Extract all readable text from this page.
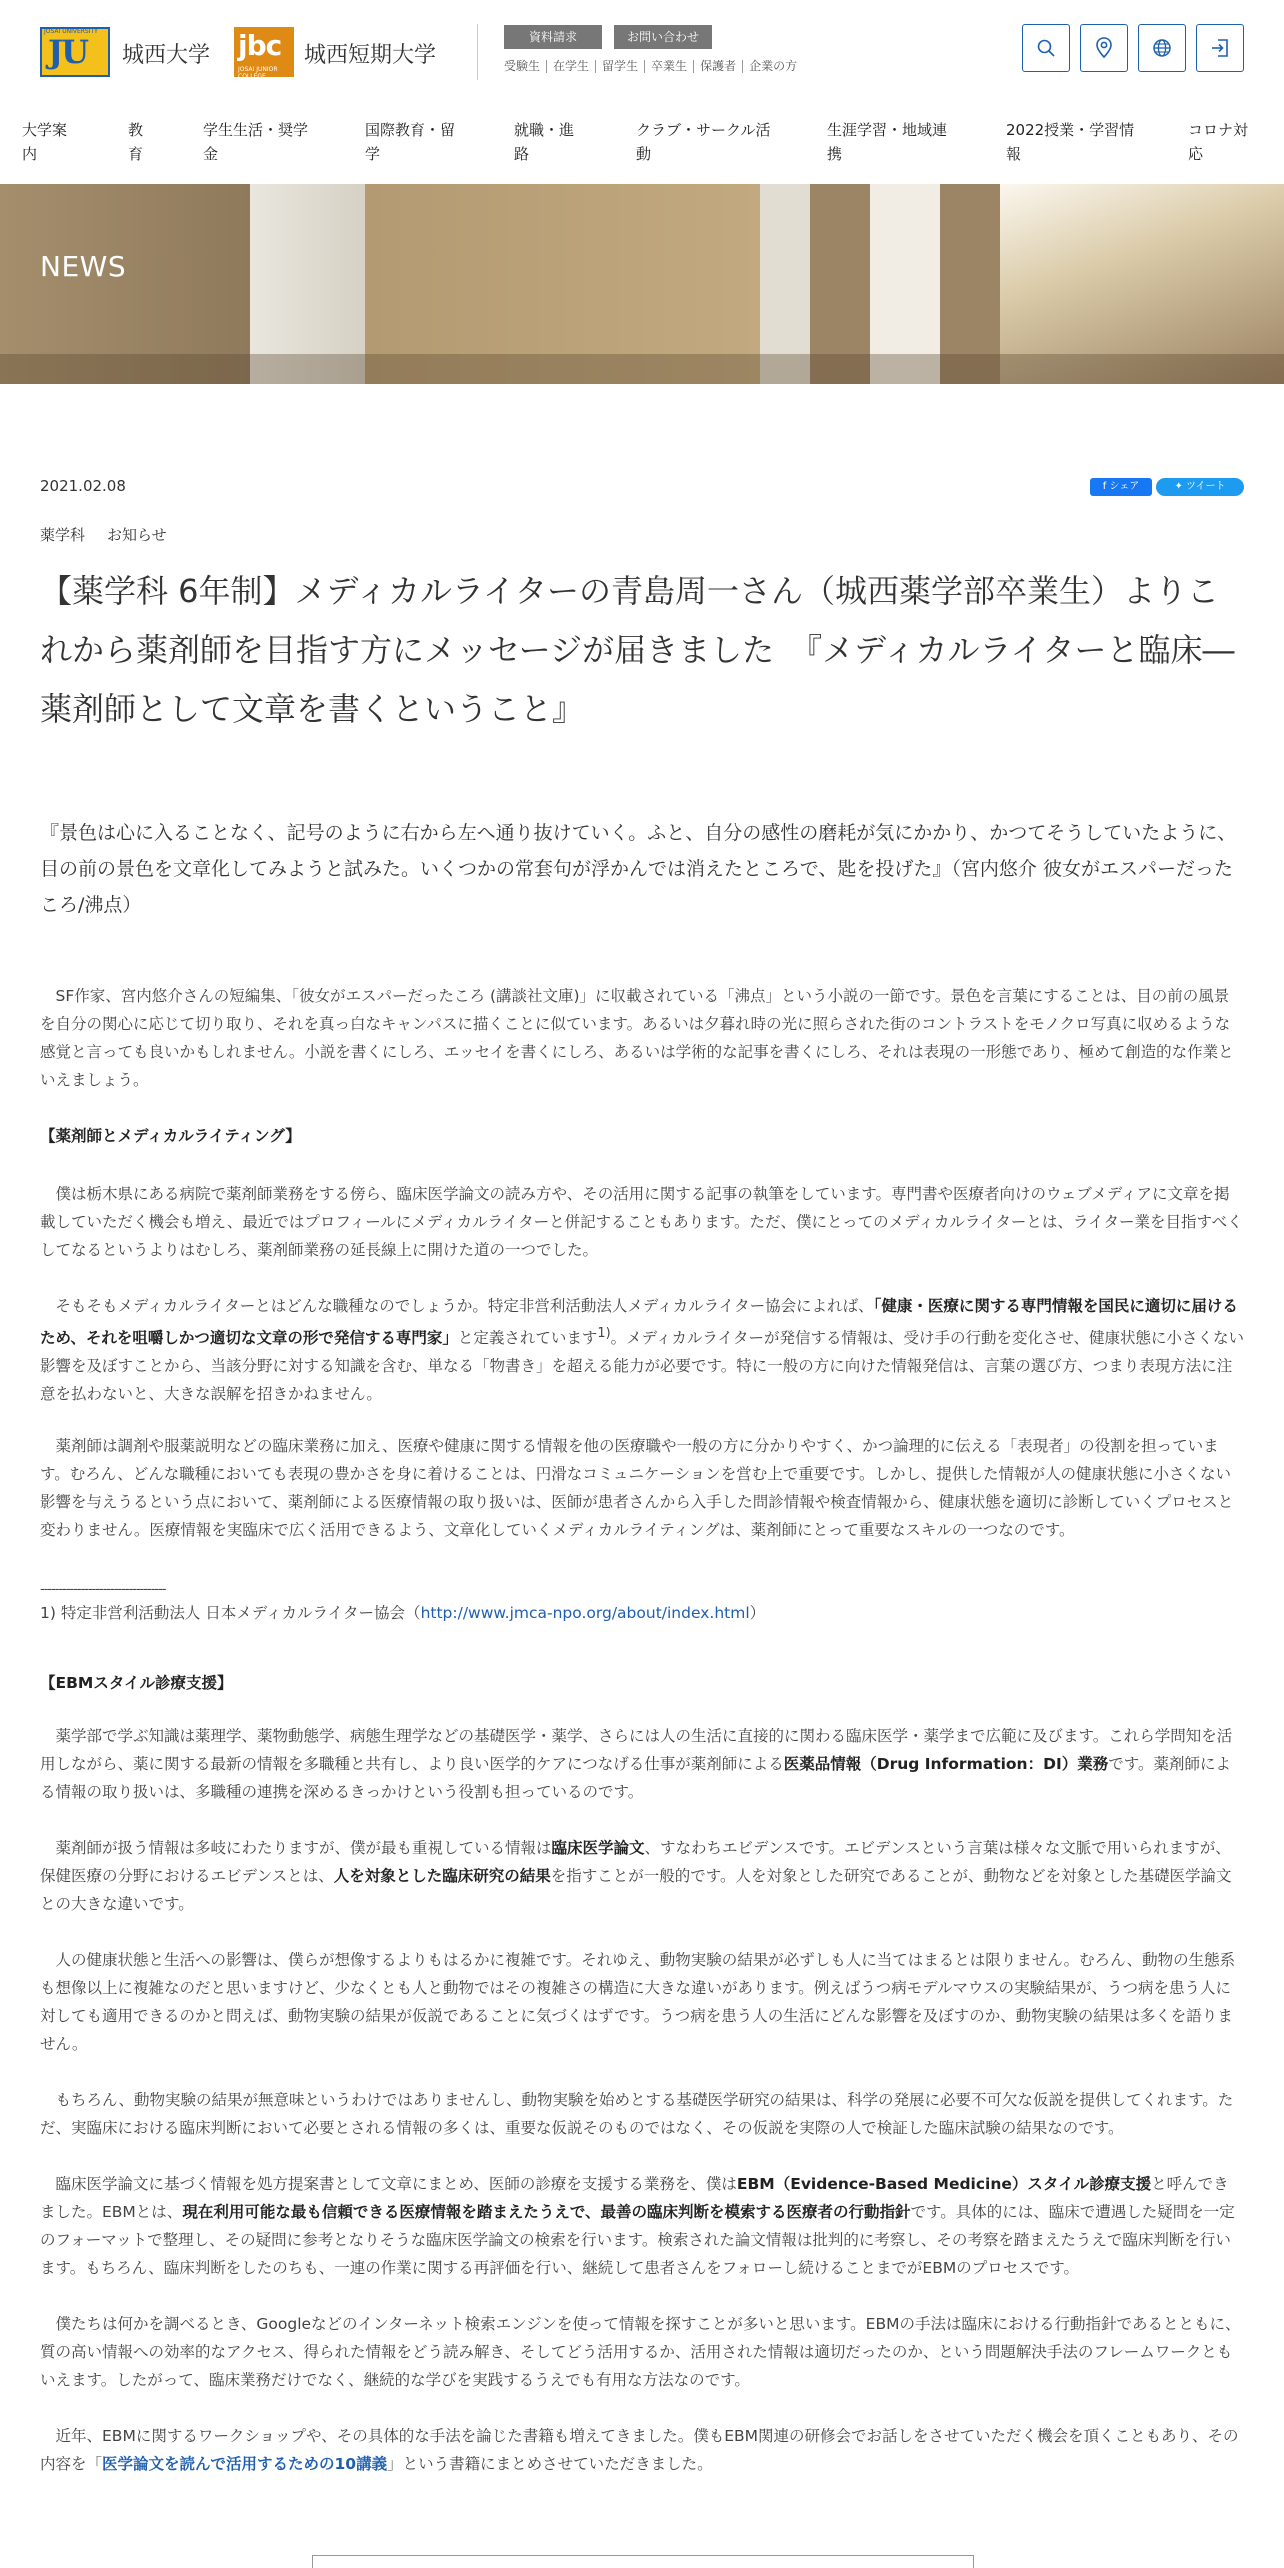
JOSAI UNIVERSITY
JU 城西大学 jbc
JOSAI JUNIOR COLLEGE
城西短期大学
資料請求	お問い合わせ
受験生	在学生	留学生	卒業生	保護者	企業の方
大学案
内
教
育
学生生活・奨学
金
国際教育・留
学
就職・進
路
クラブ・サークル活
動
生涯学習・地域連
携
2022授業・学習情
報
コロナ対
応
NEWS
2021.02.08	f シェア	✦ ツイート
薬学科 お知らせ
【薬学科 6年制】メディカルライターの青島周一さん（城西薬学部卒業生）よりこれから薬剤師を目指す方にメッセージが届きました　『メディカルライターと臨床―薬剤師として文章を書くということ』
『景色は心に入ることなく、記号のように右から左へ通り抜けていく。ふと、自分の感性の磨耗が気にかかり、かつてそうしていたように、目の前の景色を文章化してみようと試みた。いくつかの常套句が浮かんでは消えたところで、匙を投げた』（宮内悠介 彼女がエスパーだったころ/沸点）

　SF作家、宮内悠介さんの短編集、「彼女がエスパーだったころ (講談社文庫)」に収載されている「沸点」という小説の一節です。景色を言葉にすることは、目の前の風景を自分の関心に応じて切り取り、それを真っ白なキャンパスに描くことに似ています。あるいは夕暮れ時の光に照らされた街のコントラストをモノクロ写真に収めるような感覚と言っても良いかもしれません。小説を書くにしろ、エッセイを書くにしろ、あるいは学術的な記事を書くにしろ、それは表現の一形態であり、極めて創造的な作業といえましょう。

【薬剤師とメディカルライティング】

　僕は栃木県にある病院で薬剤師業務をする傍ら、臨床医学論文の読み方や、その活用に関する記事の執筆をしています。専門書や医療者向けのウェブメディアに文章を掲載していただく機会も増え、最近ではプロフィールにメディカルライターと併記することもあります。ただ、僕にとってのメディカルライターとは、ライター業を目指すべくしてなるというよりはむしろ、薬剤師業務の延長線上に開けた道の一つでした。

　そもそもメディカルライターとはどんな職種なのでしょうか。特定非営利活動法人メディカルライター協会によれば、「健康・医療に関する専門情報を国民に適切に届けるため、それを咀嚼しかつ適切な文章の形で発信する専門家」と定義されています$^{1)}$。メディカルライターが発信する情報は、受け手の行動を変化させ、健康状態に小さくない影響を及ぼすことから、当該分野に対する知識を含む、単なる「物書き」を超える能力が必要です。特に一般の方に向けた情報発信は、言葉の選び方、つまり表現方法に注意を払わないと、大きな誤解を招きかねません。

　薬剤師は調剤や服薬説明などの臨床業務に加え、医療や健康に関する情報を他の医療職や一般の方に分かりやすく、かつ論理的に伝える「表現者」の役割を担っています。むろん、どんな職種においても表現の豊かさを身に着けることは、円滑なコミュニケーションを営む上で重要です。しかし、提供した情報が人の健康状態に小さくない影響を与えうるという点において、薬剤師による医療情報の取り扱いは、医師が患者さんから入手した問診情報や検査情報から、健康状態を適切に診断していくプロセスと変わりません。医療情報を実臨床で広く活用できるよう、文章化していくメディカルライティングは、薬剤師にとって重要なスキルの一つなのです。

----------------------------------
1) 特定非営利活動法人 日本メディカルライター協会（http://www.jmca-npo.org/about/index.html）
【EBMスタイル診療支援】

　薬学部で学ぶ知識は薬理学、薬物動態学、病態生理学などの基礎医学・薬学、さらには人の生活に直接的に関わる臨床医学・薬学まで広範に及びます。これら学問知を活用しながら、薬に関する最新の情報を多職種と共有し、より良い医学的ケアにつなげる仕事が薬剤師による医薬品情報（Drug Information：DI）業務です。薬剤師による情報の取り扱いは、多職種の連携を深めるきっかけという役割も担っているのです。

　薬剤師が扱う情報は多岐にわたりますが、僕が最も重視している情報は臨床医学論文、すなわちエビデンスです。エビデンスという言葉は様々な文脈で用いられますが、保健医療の分野におけるエビデンスとは、人を対象とした臨床研究の結果を指すことが一般的です。人を対象とした研究であることが、動物などを対象とした基礎医学論文との大きな違いです。

　人の健康状態と生活への影響は、僕らが想像するよりもはるかに複雑です。それゆえ、動物実験の結果が必ずしも人に当てはまるとは限りません。むろん、動物の生態系も想像以上に複雑なのだと思いますけど、少なくとも人と動物ではその複雑さの構造に大きな違いがあります。例えばうつ病モデルマウスの実験結果が、うつ病を患う人に対しても適用できるのかと問えば、動物実験の結果が仮説であることに気づくはずです。うつ病を患う人の生活にどんな影響を及ぼすのか、動物実験の結果は多くを語りません。

　もちろん、動物実験の結果が無意味というわけではありませんし、動物実験を始めとする基礎医学研究の結果は、科学の発展に必要不可欠な仮説を提供してくれます。ただ、実臨床における臨床判断において必要とされる情報の多くは、重要な仮説そのものではなく、その仮説を実際の人で検証した臨床試験の結果なのです。

　臨床医学論文に基づく情報を処方提案書として文章にまとめ、医師の診療を支援する業務を、僕はEBM（Evidence-Based Medicine）スタイル診療支援と呼んできました。EBMとは、現在利用可能な最も信頼できる医療情報を踏まえたうえで、最善の臨床判断を模索する医療者の行動指針です。具体的には、臨床で遭遇した疑問を一定のフォーマットで整理し、その疑問に参考となりそうな臨床医学論文の検索を行います。検索された論文情報は批判的に考察し、その考察を踏まえたうえで臨床判断を行います。もちろん、臨床判断をしたのちも、一連の作業に関する再評価を行い、継続して患者さんをフォローし続けることまでがEBMのプロセスです。

　僕たちは何かを調べるとき、Googleなどのインターネット検索エンジンを使って情報を探すことが多いと思います。EBMの手法は臨床における行動指針であるとともに、質の高い情報への効率的なアクセス、得られた情報をどう読み解き、そしてどう活用するか、活用された情報は適切だったのか、という問題解決手法のフレームワークともいえます。したがって、臨床業務だけでなく、継続的な学びを実践するうえでも有用な方法なのです。

　近年、EBMに関するワークショップや、その具体的な手法を論じた書籍も増えてきました。僕もEBM関連の研修会でお話しをさせていただく機会を頂くこともあり、その内容を「医学論文を読んで活用するための10講義」という書籍にまとめさせていただきました。
